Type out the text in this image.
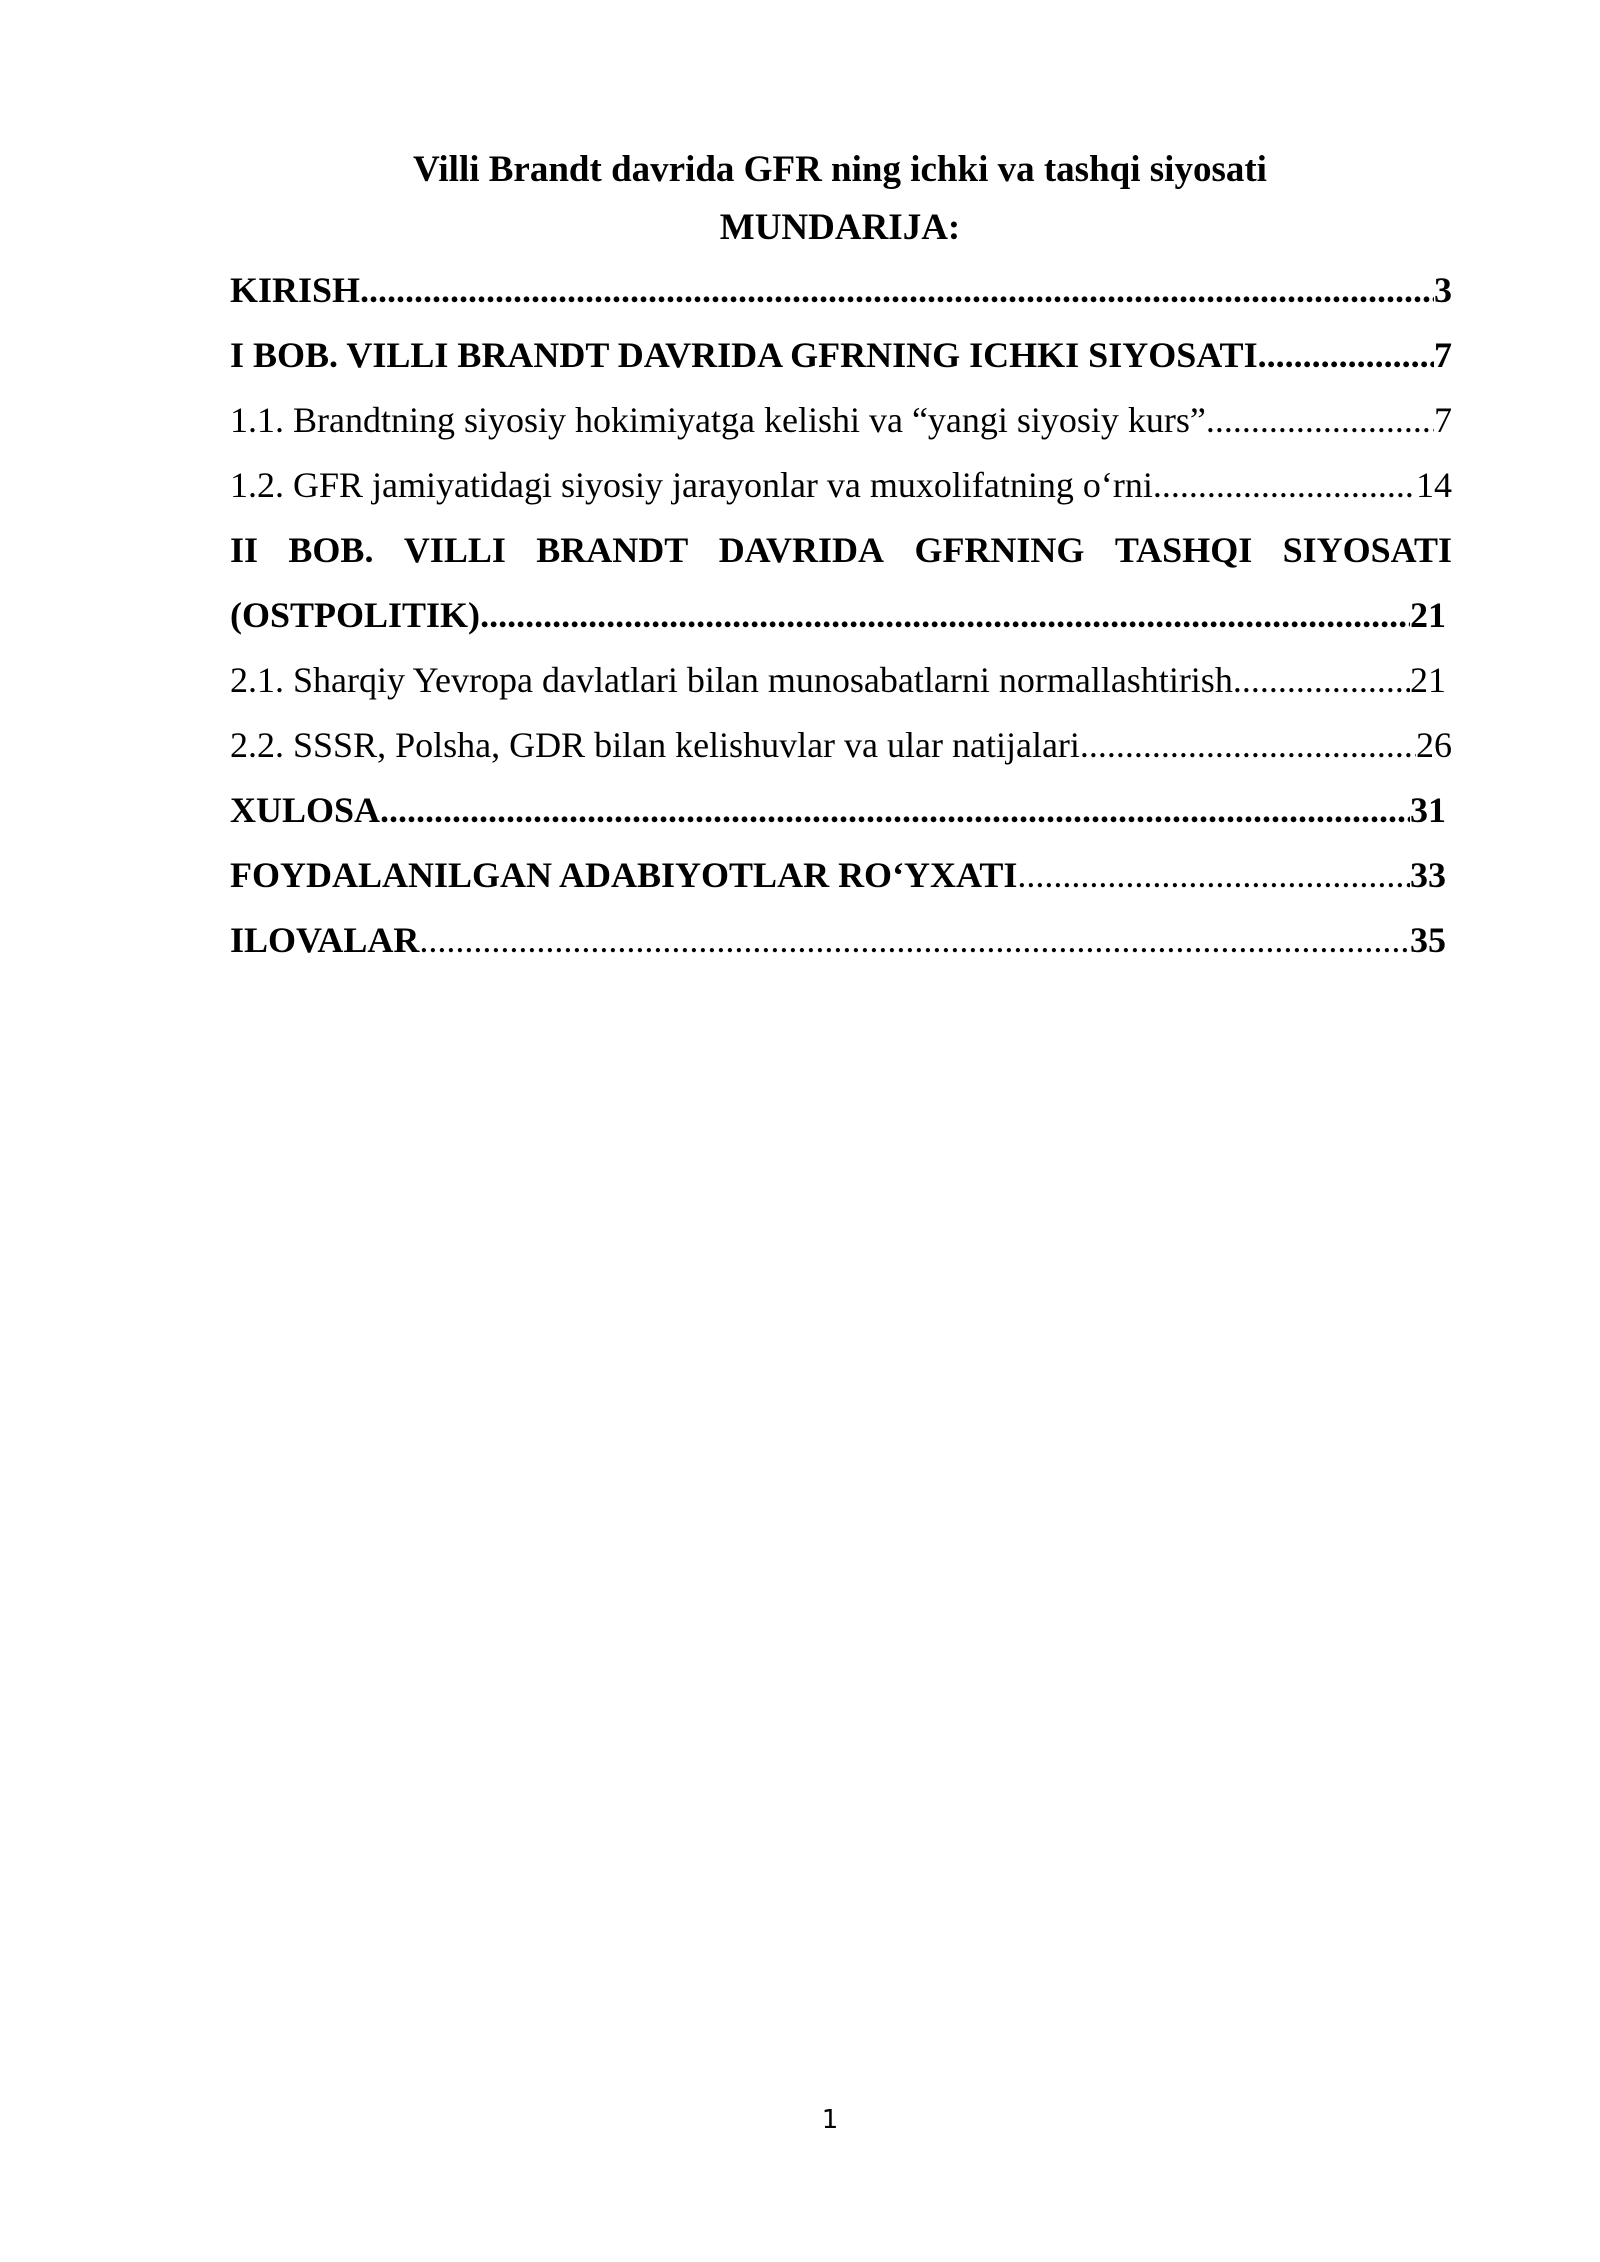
Villi Brandt davrida GFR ning ichki va tashqi siyosati
MUNDARIJA:
KIRISH .....	3
I BOB. VILLI BRANDT DAVRIDA GFRNING ICHKI SIYOSATI .....	7
1.1. Brandtning siyosiy hokimiyatga kelishi va “yangi siyosiy kurs” .....	7
1.2. GFR jamiyatidagi siyosiy jarayonlar va muxolifatning o‘rni .....	14
II BOB. VILLI BRANDT DAVRIDA GFRNING TASHQI SIYOSATI
(OSTPOLITIK) .....	21
2.1. Sharqiy Yevropa davlatlari bilan munosabatlarni normallashtirish .....	21
2.2. SSSR, Polsha, GDR bilan kelishuvlar va ular natijalari .....	26
XULOSA .....	31
FOYDALANILGAN ADABIYOTLAR RO‘YXATI .....	33
ILOVALAR .....	35
1
